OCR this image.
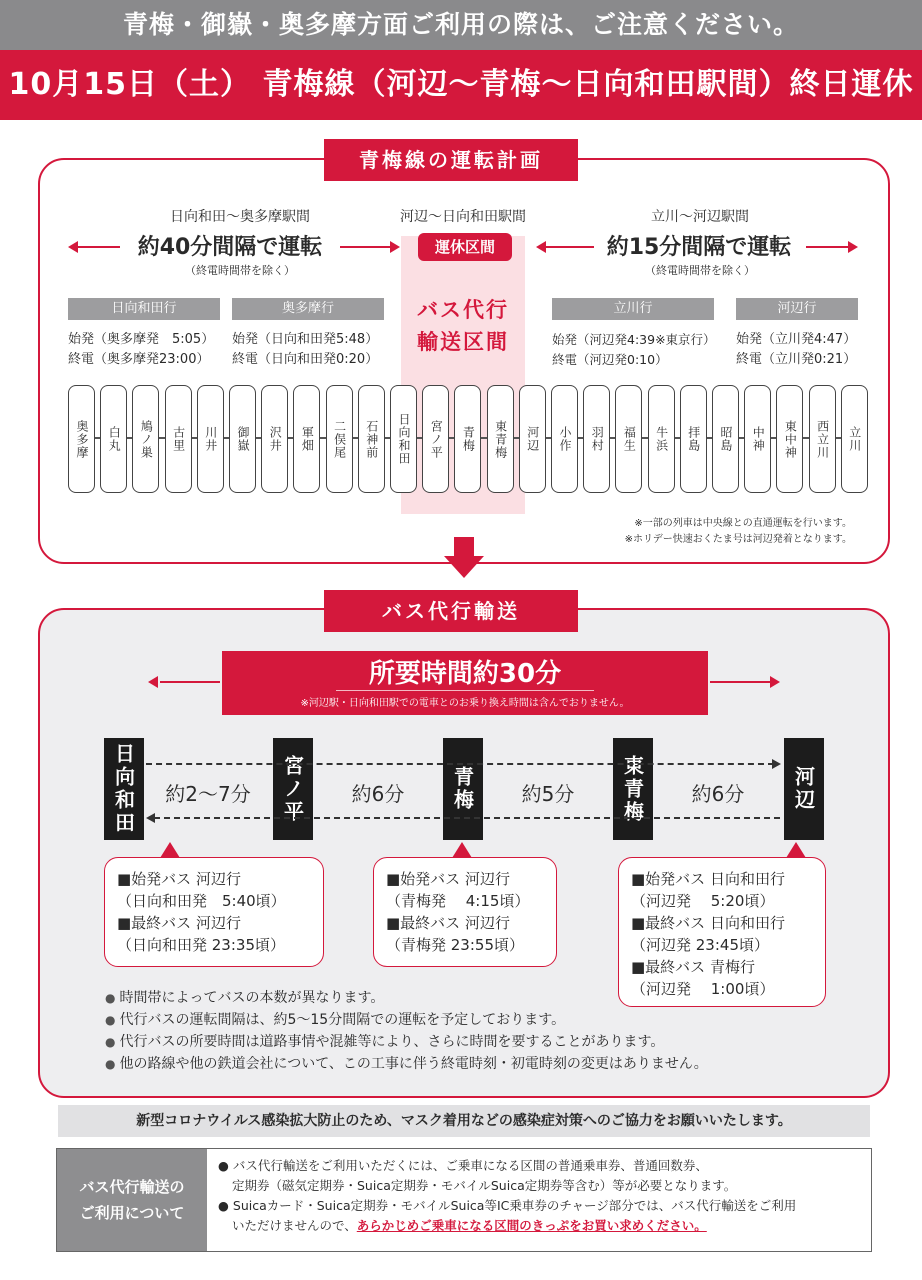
青梅・御嶽・奥多摩方面ご利用の際は、ご注意ください。
10月15日（土） 青梅線（河辺〜青梅〜日向和田駅間）終日運休
青梅線の運転計画
日向和田〜奥多摩駅間
約40分間隔で運転
（終電時間帯を除く）
河辺〜日向和田駅間
運休区間
バス代行
輸送区間
立川〜河辺駅間
約15分間隔で運転
（終電時間帯を除く）
日向和田行
始発（奥多摩発　5:05）
終電（奥多摩発23:00）
奥多摩行
始発（日向和田発5:48）
終電（日向和田発0:20）
立川行
始発（河辺発4:39※東京行）
終電（河辺発0:10）
河辺行
始発（立川発4:47）
終電（立川発0:21）
奥多摩	白丸	鳩ノ巣	古里	川井	御嶽	沢井	軍畑	二俣尾	石神前	日向和田	宮ノ平	青梅	東青梅	河辺	小作	羽村	福生	牛浜	拝島	昭島	中神	東中神	西立川	立川
※一部の列車は中央線との直通運転を行います。
※ホリデー快速おくたま号は河辺発着となります。
バス代行輸送
所要時間約30分
※河辺駅・日向和田駅での電車とのお乗り換え時間は含んでおりません。
日向和田	宮ノ平	青梅	東青梅	河辺
約2〜7分	約6分	約5分	約6分
■始発バス 河辺行
（日向和田発　5:40頃）
■最終バス 河辺行
（日向和田発 23:35頃）
■始発バス 河辺行
（青梅発　 4:15頃）
■最終バス 河辺行
（青梅発 23:55頃）
■始発バス 日向和田行
（河辺発　 5:20頃）
■最終バス 日向和田行
（河辺発 23:45頃）
■最終バス 青梅行
（河辺発　 1:00頃）
● 時間帯によってバスの本数が異なります。
● 代行バスの運転間隔は、約5〜15分間隔での運転を予定しております。
● 代行バスの所要時間は道路事情や混雑等により、さらに時間を要することがあります。
● 他の路線や他の鉄道会社について、この工事に伴う終電時刻・初電時刻の変更はありません。
新型コロナウイルス感染拡大防止のため、マスク着用などの感染症対策へのご協力をお願いいたします。
バス代行輸送の
ご利用について
● バス代行輸送をご利用いただくには、ご乗車になる区間の普通乗車券、普通回数券、
定期券（磁気定期券・Suica定期券・モバイルSuica定期券等含む）等が必要となります。
● Suicaカード・Suica定期券・モバイルSuica等IC乗車券のチャージ部分では、バス代行輸送をご利用
いただけませんので、あらかじめご乗車になる区間のきっぷをお買い求めください。
